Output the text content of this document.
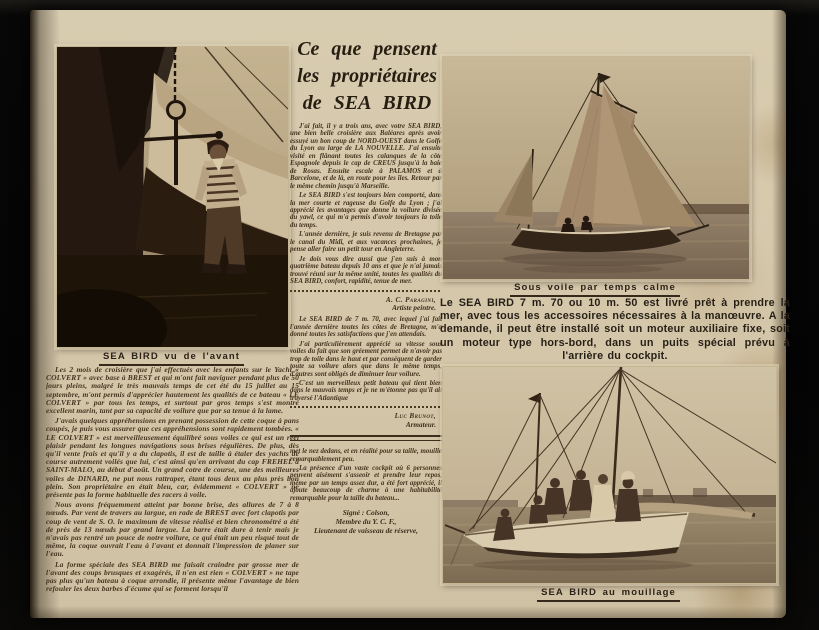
SEA BIRD vu de l'avant

Les 2 mois de croisière que j'ai effectués avec les enfants sur le Yacht « COLVERT » avec base à BREST et qui m'ont fait naviguer pendant plus de 50 jours pleins, malgré le très mauvais temps de cet été du 15 juillet au 15 septembre, m'ont permis d'apprécier hautement les qualités de ce bateau « LE COLVERT » par tous les temps, et surtout par gros temps s'est montré excellent marin, tant par sa capacité de voilure que par sa tenue à la lame.

J'avais quelques appréhensions en prenant possession de cette coque à pans coupés, je puis vous assurer que ces appréhensions sont rapidement tombées. « LE COLVERT » est merveilleusement équilibré sous voiles ce qui est un réel plaisir pendant les longues navigations sous brises régulières. De plus, dès qu'il vente frais et qu'il y a du clapotis, il est de taille à étaler des yachts de course autrement voilés que lui, c'est ainsi qu'en arrivant du cap FREHEL à SAINT-MALO, au début d'août. Un grand cotre de course, une des meilleures voiles de DINARD, ne put nous rattraper, étant tous deux au plus près bon plein. Son propriétaire en était bleu, car, évidemment « COLVERT » ne présente pas la forme habituelle des racers à voile.

Nous avons fréquemment atteint par bonne brise, des allures de 7 à 8 nœuds. Par vent de travers au largue, en rade de BREST avec fort clapotis par coup de vent de S. O. le maximum de vitesse réalisé et bien chronométré a été de près de 13 nœuds par grand largue. La barre était dure à tenir mais je n'avais pas rentré un pouce de notre voilure, ce qui était un peu risqué tout de même, la coque ouvrait l'eau à l'avant et donnait l'impression de planer sur l'eau.

La forme spéciale des SEA BIRD me faisait craindre par grosse mer de l'avant des coups brusques et exagérés, il n'en est rien « COLVERT » ne tape pas plus qu'un bateau à coque arrondie, il présente même l'avantage de bien refouler les deux barbes d'écume qui se forment lorsqu'il

Ce que pensent
les propriétaires
de SEA BIRD

J'ai fait, il y a trois ans, avec votre SEA BIRD, une bien belle croisière aux Baléares après avoir essuyé un bon coup de NORD-OUEST dans le Golfe du Lyon au large de LA NOUVELLE. J'ai ensuite visité en flânant toutes les calanques de la côte Espagnole depuis le cap de CREUS jusqu'à la baie de Rosas. Ensuite escale à PALAMOS et à Barcelone, et de là, en route pour les îles. Retour par le même chemin jusqu'à Marseille.

Le SEA BIRD s'est toujours bien comporté, dans la mer courte et rageuse du Golfe du Lyon ; j'ai apprécié les avantages que donne la voilure divisée du yawl, ce qui m'a permis d'avoir toujours la toile du temps.

L'année dernière, je suis revenu de Bretagne par le canal du Midi, et aux vacances prochaines, je pense aller faire un petit tour en Angleterre.

Je dois vous dire aussi que j'en suis à mon quatrième bateau depuis 10 ans et que je n'ai jamais trouvé réuni sur la même unité, toutes les qualités du SEA BIRD, confort, rapidité, tenue de mer.

A. C. Paragini,
Artiste peintre.

Le SEA BIRD de 7 m. 70, avec lequel j'ai fait l'année dernière toutes les côtes de Bretagne, m'a donné toutes les satisfactions que j'en attendais.

J'ai particulièrement apprécié sa vitesse sous voiles du fait que son gréement permet de n'avoir pas trop de toile dans le haut et par conséquent de garder toute sa voilure alors que dans le même temps, d'autres sont obligés de diminuer leur voilure.

C'est un merveilleux petit bateau qui tient bien dans le mauvais temps et je ne m'étonne pas qu'il ait traversé l'Atlantique

Luc Brunot,
Armateur.

met le nez dedans, et en réalité pour sa taille, mouille remarquablement peu.

La présence d'un vaste cockpit où 6 personnes peuvent aisément s'asseoir et prendre leur repos, même par un temps assez dur, a été fort apprécié, il ajoute beaucoup de charme à une habitabilité remarquable pour la taille du bateau...

Signé : Colson,
Membre du Y. C. F.,
Lieutenant de vaisseau de réserve,
Sous voile par temps calme
Le SEA BIRD 7 m. 70 ou 10 m. 50 est livré prêt à prendre la mer, avec tous les accessoires nécessaires à la manœuvre. A la demande, il peut être installé soit un moteur auxiliaire fixe, soit un moteur type hors-bord, dans un puits spécial prévu à l'arrière du cockpit.
SEA BIRD au mouillage
